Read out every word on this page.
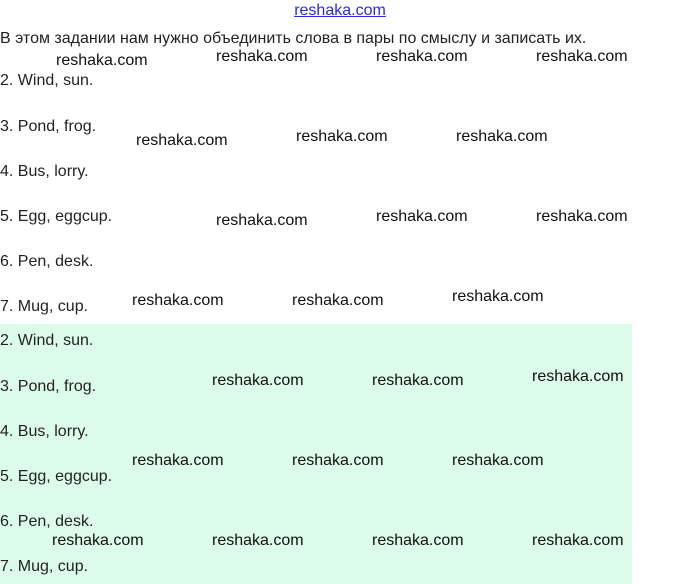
reshaka.com
В этом задании нам нужно объединить слова в пары по смыслу и записать их.
2. Wind, sun.
3. Pond, frog.
4. Bus, lorry.
5. Egg, eggcup.
6. Pen, desk.
7. Mug, cup.
2. Wind, sun.
3. Pond, frog.
4. Bus, lorry.
5. Egg, eggcup.
6. Pen, desk.
7. Mug, cup.
reshaka.com	reshaka.com	reshaka.com	reshaka.com
reshaka.com	reshaka.com	reshaka.com
reshaka.com	reshaka.com	reshaka.com
reshaka.com	reshaka.com	reshaka.com
reshaka.com	reshaka.com	reshaka.com
reshaka.com	reshaka.com	reshaka.com
reshaka.com	reshaka.com	reshaka.com	reshaka.com
